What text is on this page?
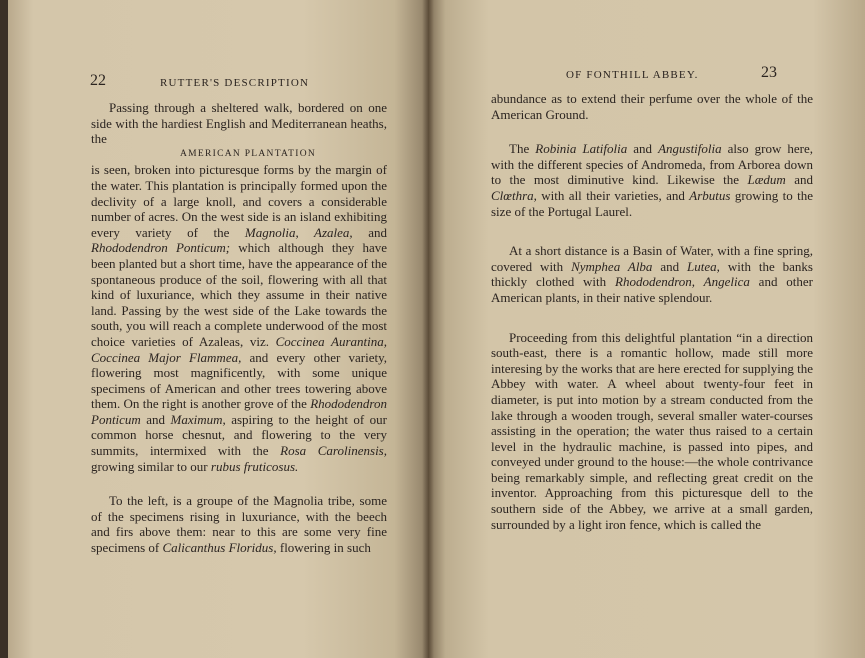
22	RUTTER'S DESCRIPTION

Passing through a sheltered walk, bordered on one side with the hardiest English and Mediterranean heaths, the

AMERICAN PLANTATION

is seen, broken into picturesque forms by the margin of the water. This plantation is principally formed upon the declivity of a large knoll, and covers a considerable number of acres. On the west side is an island exhibiting every variety of the Magnolia, Azalea, and Rhododendron Ponticum; which although they have been planted but a short time, have the appearance of the spontaneous produce of the soil, flowering with all that kind of luxuriance, which they assume in their native land. Passing by the west side of the Lake towards the south, you will reach a complete underwood of the most choice varieties of Azaleas, viz. Coccinea Aurantina, Coccinea Major Flammea, and every other variety, flowering most magnificently, with some unique specimens of American and other trees towering above them. On the right is another grove of the Rhododendron Ponticum and Maximum, aspiring to the height of our common horse chesnut, and flowering to the very summits, intermixed with the Rosa Carolinensis, growing similar to our rubus fruticosus.

To the left, is a groupe of the Magnolia tribe, some of the specimens rising in luxuriance, with the beech and firs above them: near to this are some very fine specimens of Calicanthus Floridus, flowering in such

OF FONTHILL ABBEY.	23

abundance as to extend their perfume over the whole of the American Ground.

The Robinia Latifolia and Angustifolia also grow here, with the different species of Andromeda, from Arborea down to the most diminutive kind. Likewise the Lædum and Clœthra, with all their varieties, and Arbutus growing to the size of the Portugal Laurel.

At a short distance is a Basin of Water, with a fine spring, covered with Nymphea Alba and Lutea, with the banks thickly clothed with Rhododendron, Angelica and other American plants, in their native splendour.

Proceeding from this delightful plantation “in a direction south-east, there is a romantic hollow, made still more interesing by the works that are here erected for supplying the Abbey with water. A wheel about twenty-four feet in diameter, is put into motion by a stream conducted from the lake through a wooden trough, several smaller water-courses assisting in the operation; the water thus raised to a certain level in the hydraulic machine, is passed into pipes, and conveyed under ground to the house:—the whole contrivance being remarkably simple, and reflecting great credit on the inventor. Approaching from this picturesque dell to the southern side of the Abbey, we arrive at a small garden, surrounded by a light iron fence, which is called the
